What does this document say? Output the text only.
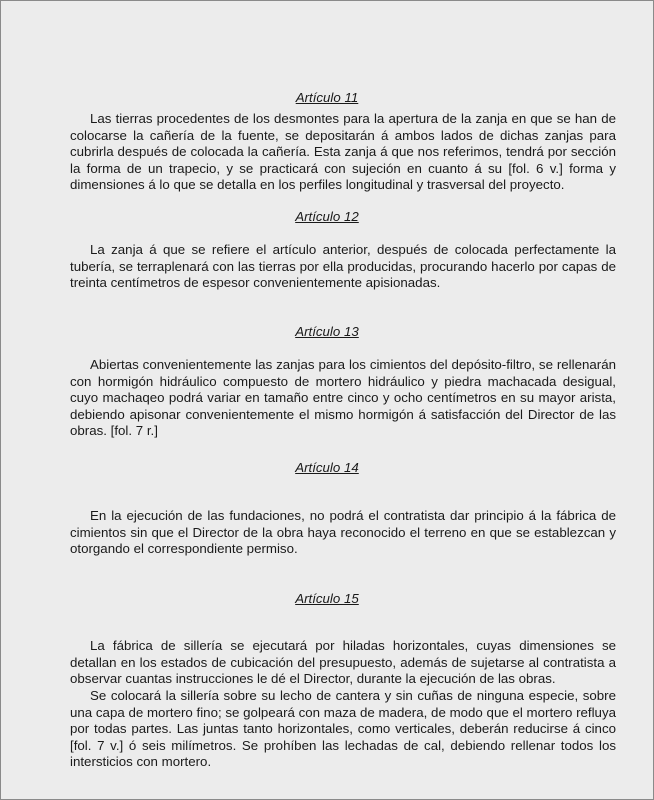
Artículo 11

Las tierras procedentes de los desmontes para la apertura de la zanja en que se han de colocarse la cañería de la fuente, se depositarán á ambos lados de dichas zanjas para cubrirla después de colocada la cañería. Esta zanja á que nos referimos, tendrá por sección la forma de un trapecio, y se practicará con sujeción en cuanto á su [fol. 6 v.] forma y dimensiones á lo que se detalla en los perfiles longitudinal y trasversal del proyecto.

Artículo 12

La zanja á que se refiere el artículo anterior, después de colocada perfectamente la tubería, se terraplenará con las tierras por ella producidas, procurando hacerlo por capas de treinta centímetros de espesor convenientemente apisionadas.

Artículo 13

Abiertas convenientemente las zanjas para los cimientos del depósito-filtro, se rellenarán con hormigón hidráulico compuesto de mortero hidráulico y piedra machacada desigual, cuyo machaqeo podrá variar en tamaño entre cinco y ocho centímetros en su mayor arista, debiendo apisonar convenientemente el mismo hormigón á satisfacción del Director de las obras. [fol. 7 r.]

Artículo 14

En la ejecución de las fundaciones, no podrá el contratista dar principio á la fábrica de cimientos sin que el Director de la obra haya reconocido el terreno en que se establezcan y otorgando el correspondiente permiso.

Artículo 15

La fábrica de sillería se ejecutará por hiladas horizontales, cuyas dimensiones se detallan en los estados de cubicación del presupuesto, además de sujetarse al contratista a observar cuantas instrucciones le dé el Director, durante la ejecución de las obras.

Se colocará la sillería sobre su lecho de cantera y sin cuñas de ninguna especie, sobre una capa de mortero fino; se golpeará con maza de madera, de modo que el mortero refluya por todas partes. Las juntas tanto horizontales, como verticales, deberán reducirse á cinco [fol. 7 v.] ó seis milímetros. Se prohíben las lechadas de cal, debiendo rellenar todos los intersticios con mortero.
